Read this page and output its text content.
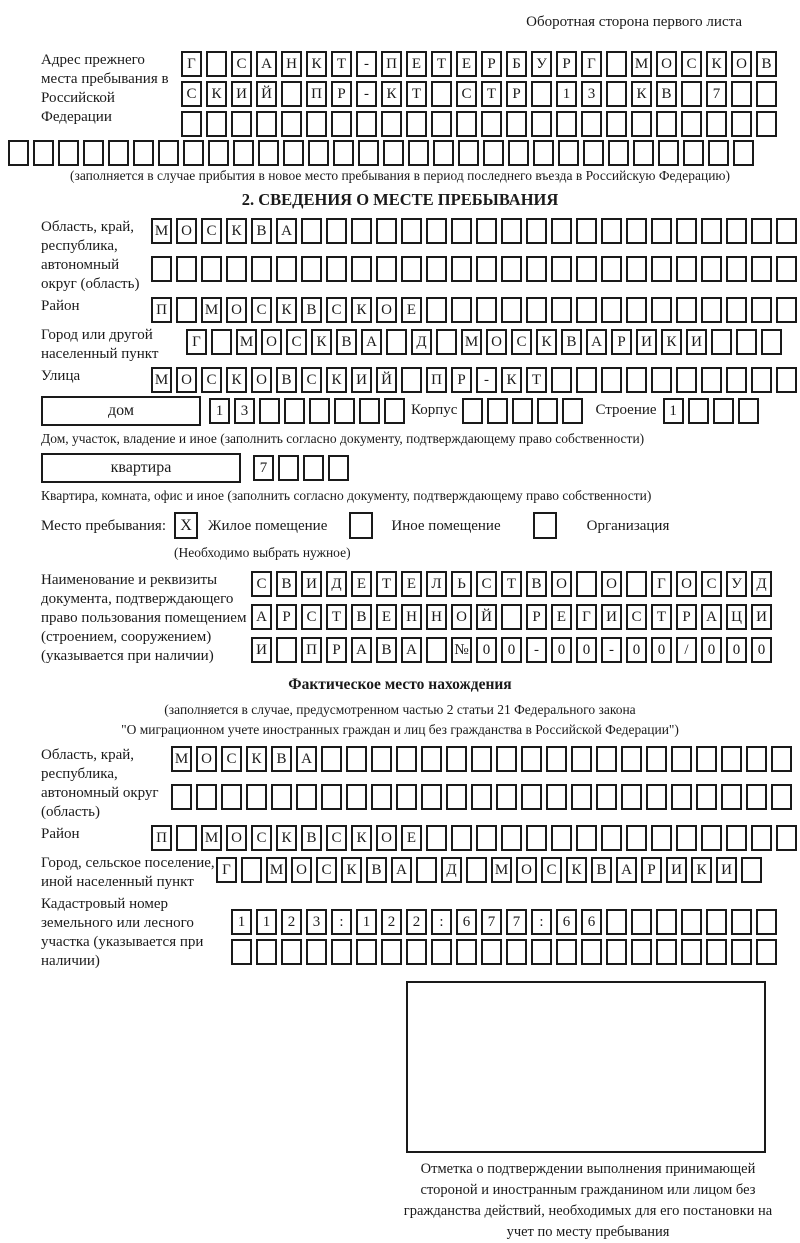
Оборотная сторона первого листа
Адрес прежнего места пребывания в Российской Федерации
Г	С А Н К Т - П Е Т Е Р Б У Р Г	М О С К О В
С К И Й	П Р - К Т	С Т Р	1 3	К В	7
(заполняется в случае прибытия в новое место пребывания в период последнего въезда в Российскую Федерацию)
2. СВЕДЕНИЯ О МЕСТЕ ПРЕБЫВАНИЯ
Область, край, республика, автономный округ (область)
М О С К В А
Район	П	М О С К В С К О Е
Город или другой населенный пункт
Г	М О С К В А	Д	М О С К В А Р И К И
Улица	М О С К О В С К И Й	П Р - К Т
дом	1 3	Корпус	Строение 1
Дом, участок, владение и иное (заполнить согласно документу, подтверждающему право собственности)
квартира	7
Квартира, комната, офис и иное (заполнить согласно документу, подтверждающему право собственности)
Место пребывания: X	Жилое помещение	Иное помещение	Организация
(Необходимо выбрать нужное)
Наименование и реквизиты документа, подтверждающего право пользования помещением (строением, сооружением) (указывается при наличии)
С В И Д Е Т Е Л Ь С Т В О	О	Г О С У Д
А Р С Т В Е Н Н О Й	Р Е Г И С Т Р А Ц И
И	П Р А В А № 0 0 - 0 0 - 0 0 / 0 0 0
Фактическое место нахождения
(заполняется в случае, предусмотренном частью 2 статьи 21 Федерального закона
"О миграционном учете иностранных граждан и лиц без гражданства в Российской Федерации")
Область, край, республика, автономный округ (область)
М О С К В А
Район	П	М О С К В С К О Е
Город, сельское поселение, иной населенный пункт
Г	М О С К В А	Д	М О С К В А Р И К И
Кадастровый номер земельного или лесного участка (указывается при наличии)
1 1 2 3 : 1 2 2 : 6 7 7 : 6 6
Отметка о подтверждении выполнения принимающей стороной и иностранным гражданином или лицом без гражданства действий, необходимых для его постановки на учет по месту пребывания
